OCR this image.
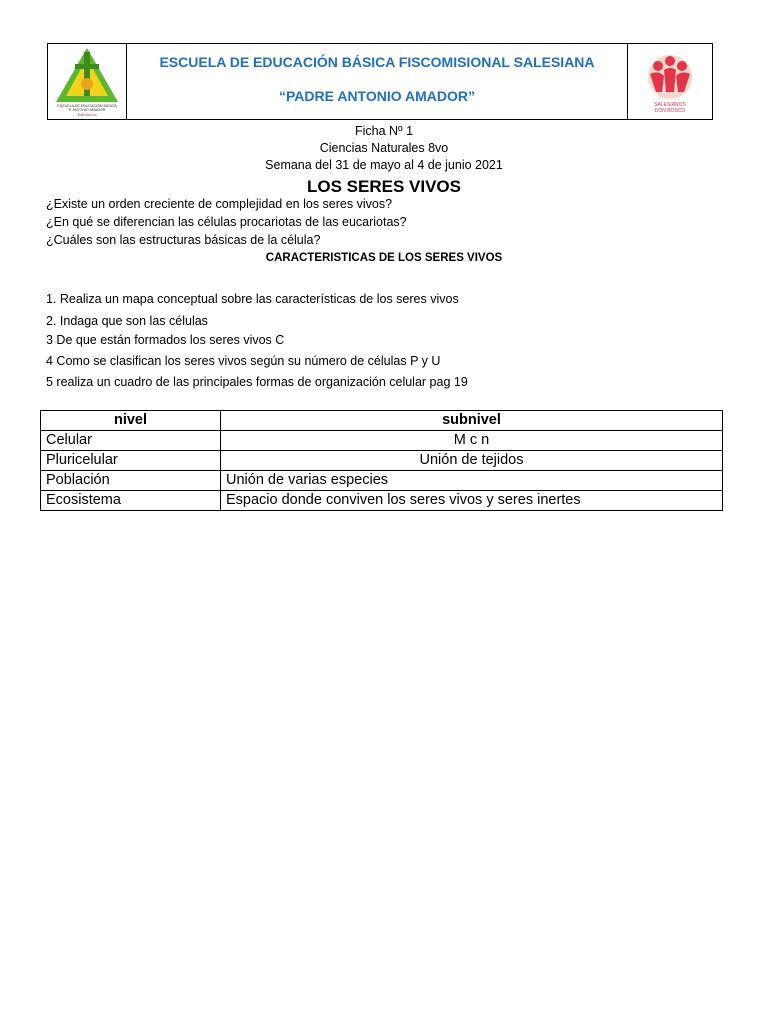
ESCUELA DE EDUCACIÓN BÁSICA
P. ANTONIO AMADOR
Salesianos
ESCUELA DE EDUCACIÓN BÁSICA FISCOMISIONAL SALESIANA
“PADRE ANTONIO AMADOR”
SALESIANOS
DON BOSCO
Ficha Nº 1
Ciencias Naturales 8vo
Semana del 31 de mayo al 4 de junio 2021
LOS SERES VIVOS
¿Existe un orden creciente de complejidad en los seres vivos?
¿En qué se diferencian las células procariotas de las eucariotas?
¿Cuáles son las estructuras básicas de la célula?
CARACTERISTICAS DE LOS SERES VIVOS
1. Realiza un mapa conceptual sobre las características de los seres vivos
2. Indaga que son las células
3 De que están formados los seres vivos C
4 Como se clasifican los seres vivos según su número de células P y U
5 realiza un cuadro de las principales formas de organización celular pag 19
nivel	subnivel
Celular	M c n
Pluricelular	Unión de tejidos
Población	Unión de varias especies
Ecosistema	Espacio donde conviven los seres vivos y seres inertes
